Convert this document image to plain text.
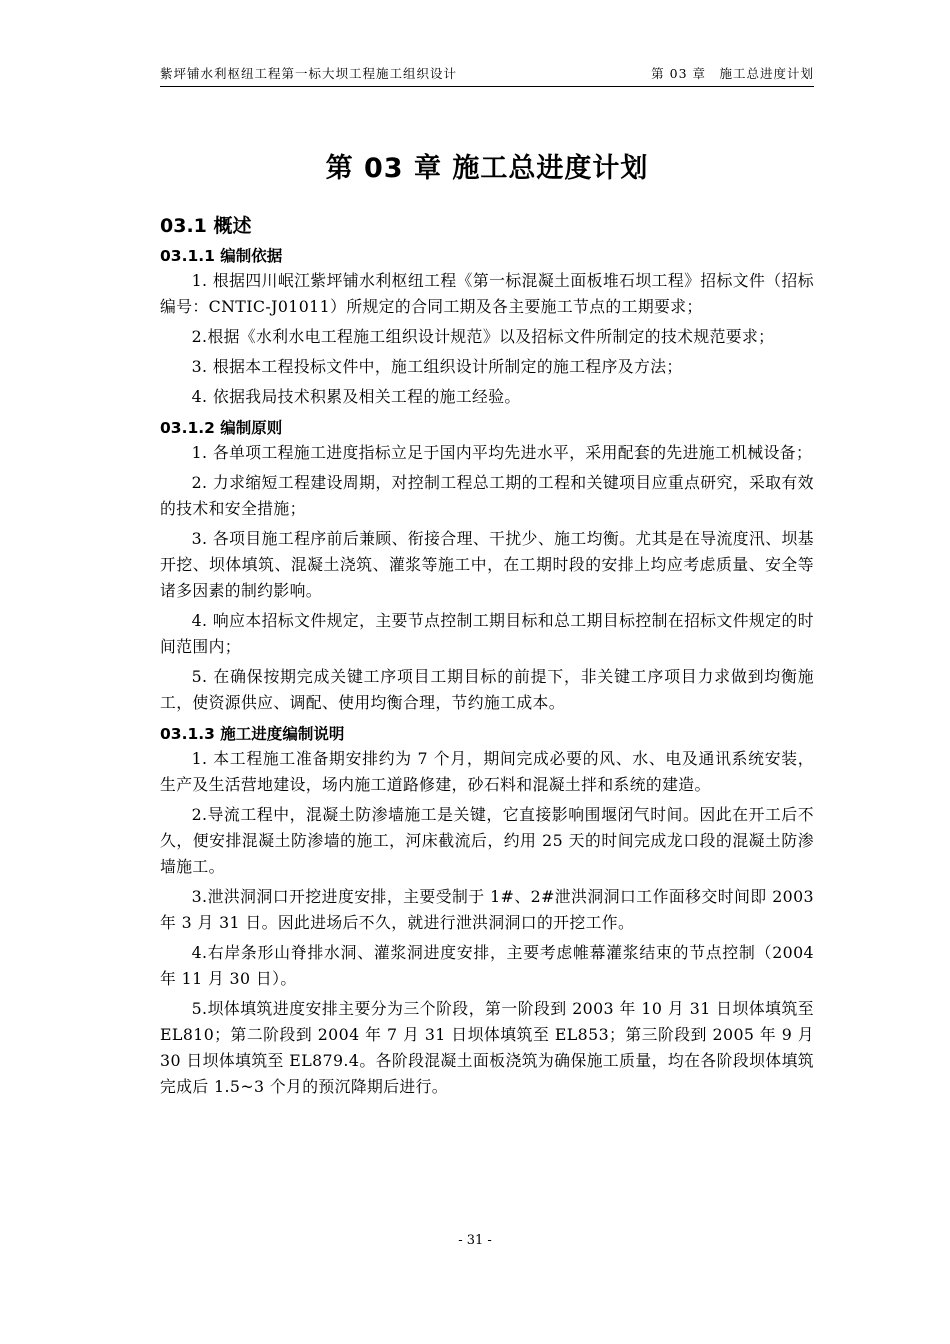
紫坪铺水利枢纽工程第一标大坝工程施工组织设计	第 03 章　施工总进度计划
第 03 章 施工总进度计划
03.1 概述
03.1.1 编制依据

1. 根据四川岷江紫坪铺水利枢纽工程《第一标混凝土面板堆石坝工程》招标文件（招标编号：CNTIC-J01011）所规定的合同工期及各主要施工节点的工期要求；

2.根据《水利水电工程施工组织设计规范》以及招标文件所制定的技术规范要求；

3. 根据本工程投标文件中，施工组织设计所制定的施工程序及方法；

4. 依据我局技术积累及相关工程的施工经验。

03.1.2 编制原则

1. 各单项工程施工进度指标立足于国内平均先进水平，采用配套的先进施工机械设备；

2. 力求缩短工程建设周期，对控制工程总工期的工程和关键项目应重点研究，采取有效的技术和安全措施；

3. 各项目施工程序前后兼顾、衔接合理、干扰少、施工均衡。尤其是在导流度汛、坝基开挖、坝体填筑、混凝土浇筑、灌浆等施工中，在工期时段的安排上均应考虑质量、安全等诸多因素的制约影响。

4. 响应本招标文件规定，主要节点控制工期目标和总工期目标控制在招标文件规定的时间范围内；

5. 在确保按期完成关键工序项目工期目标的前提下，非关键工序项目力求做到均衡施工，使资源供应、调配、使用均衡合理，节约施工成本。

03.1.3 施工进度编制说明

1. 本工程施工准备期安排约为 7 个月，期间完成必要的风、水、电及通讯系统安装，生产及生活营地建设，场内施工道路修建，砂石料和混凝土拌和系统的建造。

2.导流工程中，混凝土防渗墙施工是关键，它直接影响围堰闭气时间。因此在开工后不久，便安排混凝土防渗墙的施工，河床截流后，约用 25 天的时间完成龙口段的混凝土防渗墙施工。

3.泄洪洞洞口开挖进度安排，主要受制于 1#、2#泄洪洞洞口工作面移交时间即 2003 年 3 月 31 日。因此进场后不久，就进行泄洪洞洞口的开挖工作。

4.右岸条形山脊排水洞、灌浆洞进度安排，主要考虑帷幕灌浆结束的节点控制（2004 年 11 月 30 日）。

5.坝体填筑进度安排主要分为三个阶段，第一阶段到 2003 年 10 月 31 日坝体填筑至 EL810；第二阶段到 2004 年 7 月 31 日坝体填筑至 EL853；第三阶段到 2005 年 9 月 30 日坝体填筑至 EL879.4。各阶段混凝土面板浇筑为确保施工质量，均在各阶段坝体填筑完成后 1.5~3 个月的预沉降期后进行。

- 31 -
